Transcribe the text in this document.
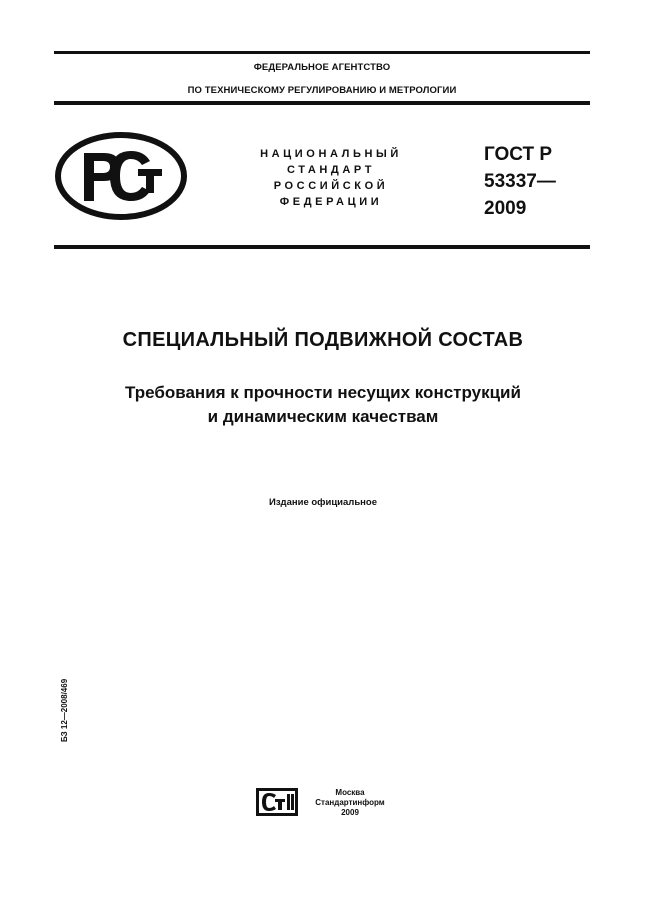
ФЕДЕРАЛЬНОЕ АГЕНТСТВО
ПО ТЕХНИЧЕСКОМУ РЕГУЛИРОВАНИЮ И МЕТРОЛОГИИ
НАЦИОНАЛЬНЫЙ
СТАНДАРТ
РОССИЙСКОЙ
ФЕДЕРАЦИИ
ГОСТ Р
53337—
2009
СПЕЦИАЛЬНЫЙ ПОДВИЖНОЙ СОСТАВ
Требования к прочности несущих конструкций
и динамическим качествам
Издание официальное
БЗ 12—2008/469
Москва
Стандартинформ
2009
